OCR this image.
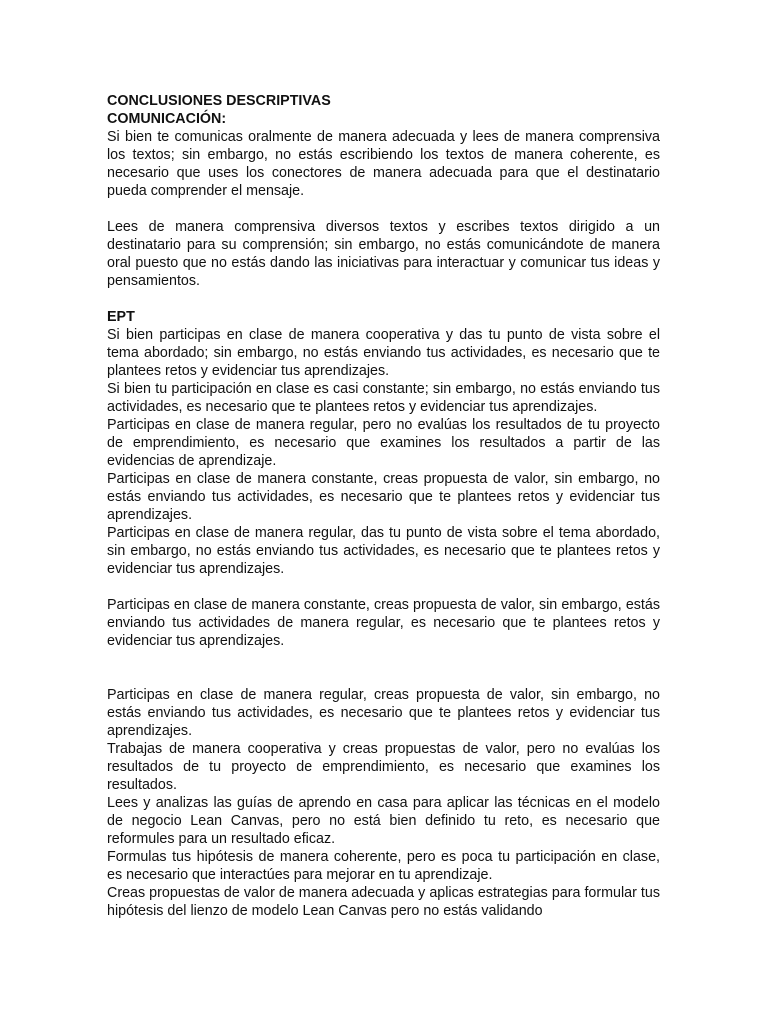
CONCLUSIONES DESCRIPTIVAS

COMUNICACIÓN:

Si bien te comunicas oralmente de manera adecuada y lees de manera comprensiva los textos; sin embargo, no estás escribiendo los textos de manera coherente, es necesario que uses los conectores de manera adecuada para que el destinatario pueda comprender el mensaje.

Lees de manera comprensiva diversos textos y escribes textos dirigido a un destinatario para su comprensión; sin embargo, no estás comunicándote de manera oral puesto que no estás dando las iniciativas para interactuar y comunicar tus ideas y pensamientos.

EPT

Si bien participas en clase de manera cooperativa y das tu punto de vista sobre el tema abordado; sin embargo, no estás enviando tus actividades, es necesario que te plantees retos y evidenciar tus aprendizajes.

Si bien tu participación en clase es casi constante; sin embargo, no estás enviando tus actividades, es necesario que te plantees retos y evidenciar tus aprendizajes.

Participas en clase de manera regular, pero no evalúas los resultados de tu proyecto de emprendimiento, es necesario que examines los resultados a partir de las evidencias de aprendizaje.

Participas en clase de manera constante, creas propuesta de valor, sin embargo, no estás enviando tus actividades, es necesario que te plantees retos y evidenciar tus aprendizajes.

Participas en clase de manera regular, das tu punto de vista sobre el tema abordado, sin embargo, no estás enviando tus actividades, es necesario que te plantees retos y evidenciar tus aprendizajes.

Participas en clase de manera constante, creas propuesta de valor, sin embargo, estás enviando tus actividades de manera regular, es necesario que te plantees retos y evidenciar tus aprendizajes.

Participas en clase de manera regular, creas propuesta de valor, sin embargo, no estás enviando tus actividades, es necesario que te plantees retos y evidenciar tus aprendizajes.

Trabajas de manera cooperativa y creas propuestas de valor, pero no evalúas los resultados de tu proyecto de emprendimiento, es necesario que examines los resultados.

Lees y analizas las guías de aprendo en casa para aplicar las técnicas en el modelo de negocio Lean Canvas, pero no está bien definido tu reto, es necesario que reformules para un resultado eficaz.

Formulas tus hipótesis de manera coherente, pero es poca tu participación en clase, es necesario que interactúes para mejorar en tu aprendizaje.

Creas propuestas de valor de manera adecuada y aplicas estrategias para formular tus hipótesis del lienzo de modelo Lean Canvas pero no estás validando
